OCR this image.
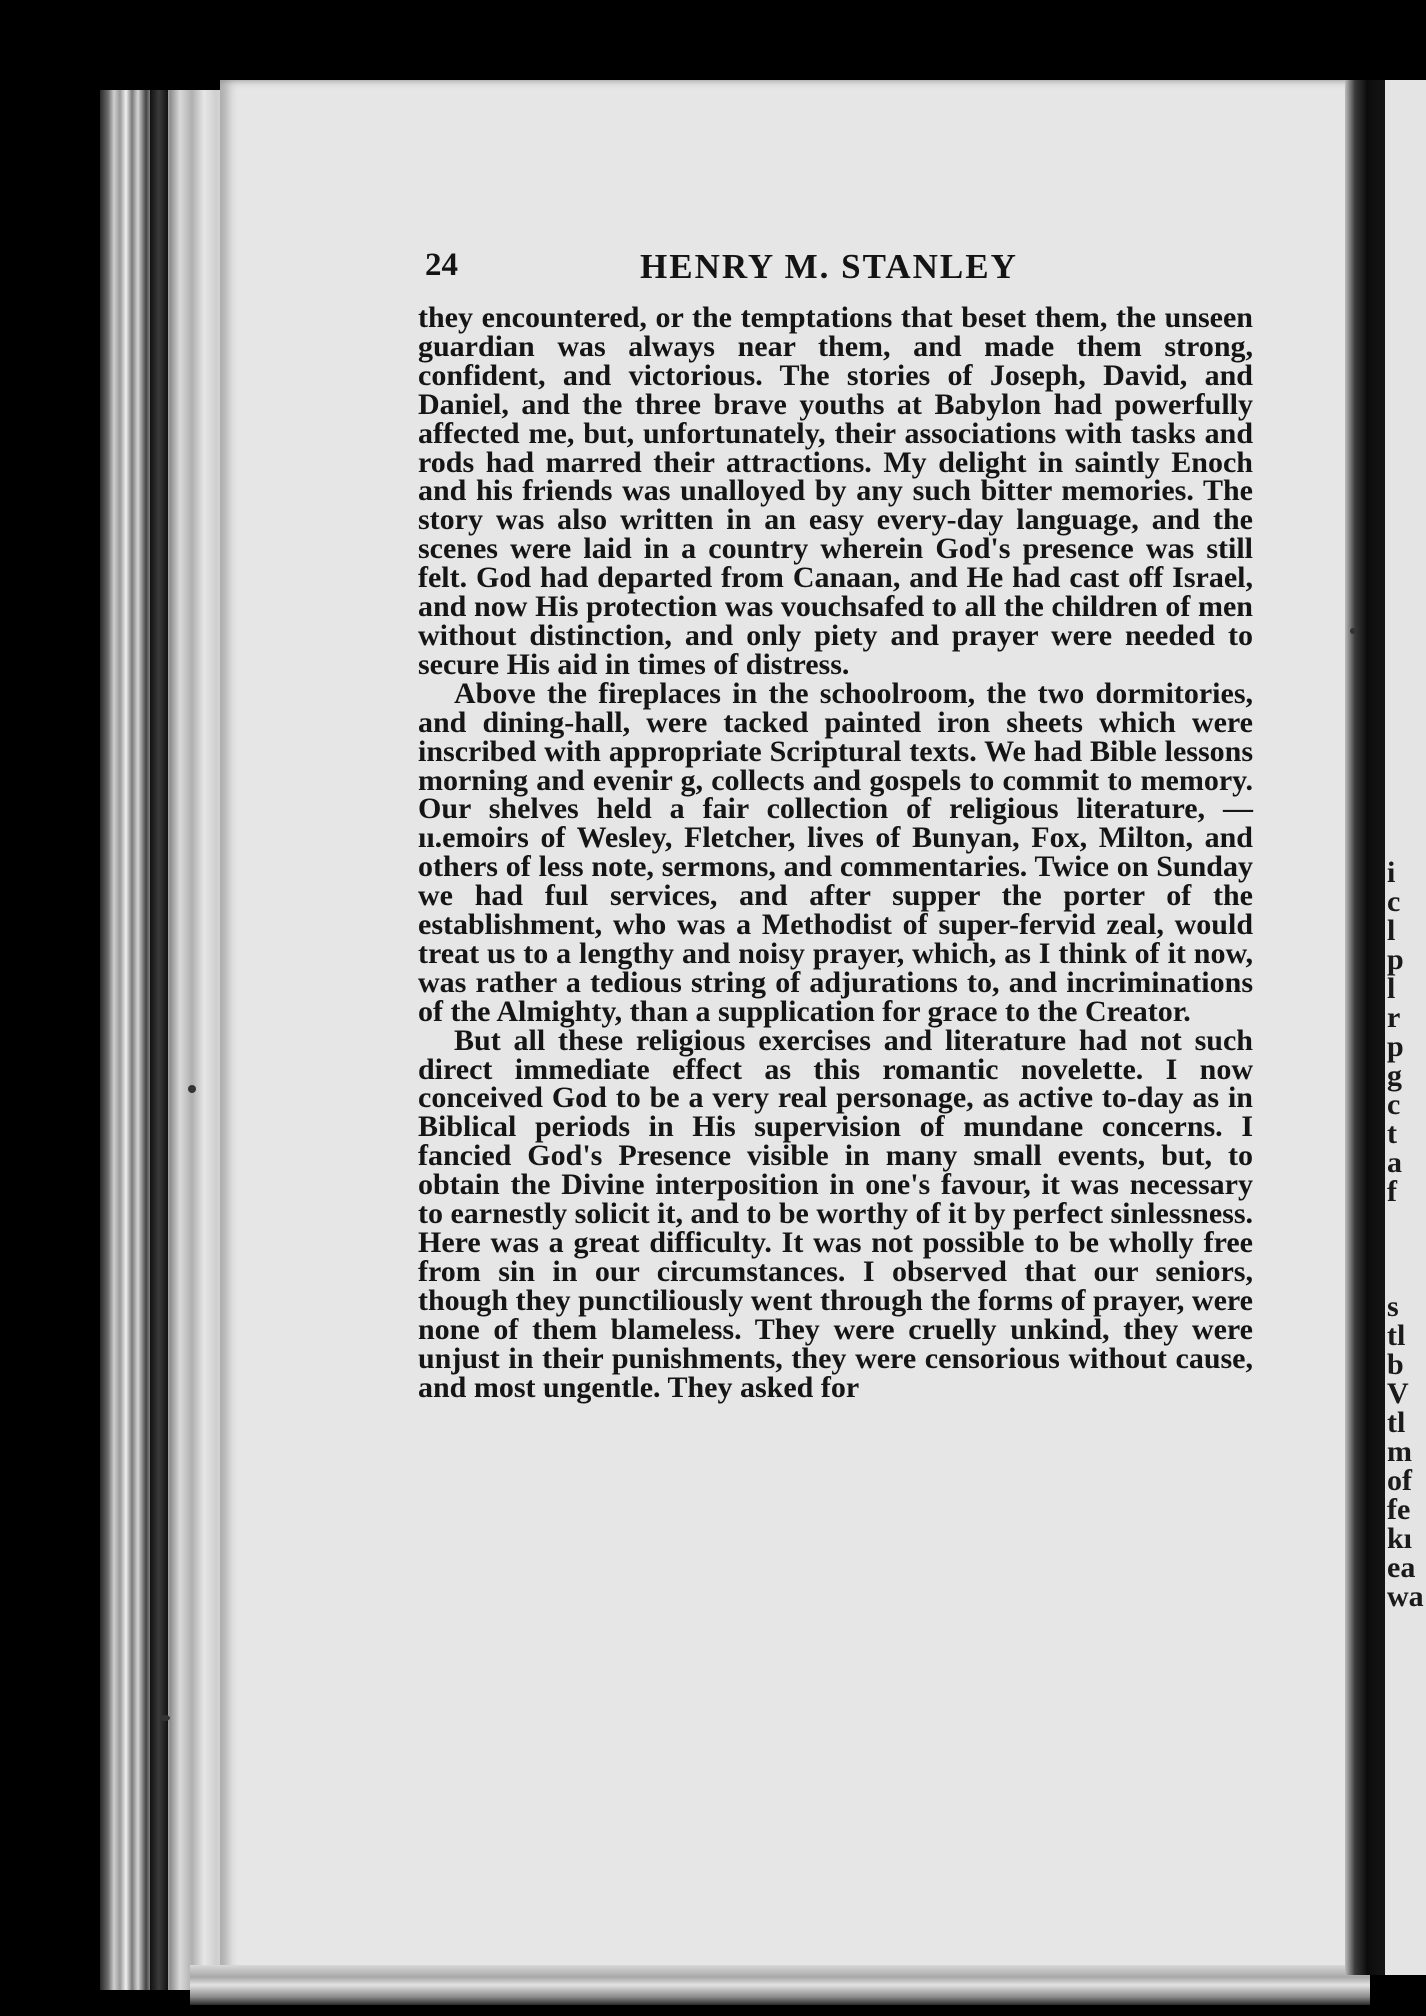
i
c
l
p
l
r
p
g
c
t
a
f
s
tl
b
V
tl
m
of
fe
kı
ea
wa
24	HENRY M. STANLEY

they encountered, or the temptations that beset them, the unseen guardian was always near them, and made them strong, confident, and victorious. The stories of Joseph, David, and Daniel, and the three brave youths at Babylon had powerfully affected me, but, unfortunately, their associations with tasks and rods had marred their attractions. My delight in saintly Enoch and his friends was unalloyed by any such bitter memories. The story was also written in an easy every-day language, and the scenes were laid in a country wherein God's presence was still felt. God had departed from Canaan, and He had cast off Israel, and now His protection was vouchsafed to all the children of men without distinction, and only piety and prayer were needed to secure His aid in times of distress.

Above the fireplaces in the schoolroom, the two dormitories, and dining-hall, were tacked painted iron sheets which were inscribed with appropriate Scriptural texts. We had Bible lessons morning and evenir g, collects and gospels to commit to memory. Our shelves held a fair collection of religious literature, — ıı.emoirs of Wesley, Fletcher, lives of Bunyan, Fox, Milton, and others of less note, sermons, and commentaries. Twice on Sunday we had fuıl services, and after supper the porter of the establishment, who was a Methodist of super-fervid zeal, would treat us to a lengthy and noisy prayer, which, as I think of it now, was rather a tedious string of adjurations to, and incriminations of the Almighty, than a supplication for grace to the Creator.

But all these religious exercises and literature had not such direct immediate effect as this romantic novelette. I now conceived God to be a very real personage, as active to-day as in Biblical periods in His supervision of mundane concerns. I fancied God's Presence visible in many small events, but, to obtain the Divine interposition in one's favour, it was necessary to earnestly solicit it, and to be worthy of it by perfect sinlessness. Here was a great difficulty. It was not possible to be wholly free from sin in our circumstances. I observed that our seniors, though they punctiliously went through the forms of prayer, were none of them blameless. They were cruelly unkind, they were unjust in their punishments, they were censorious without cause, and most ungentle. They asked for
